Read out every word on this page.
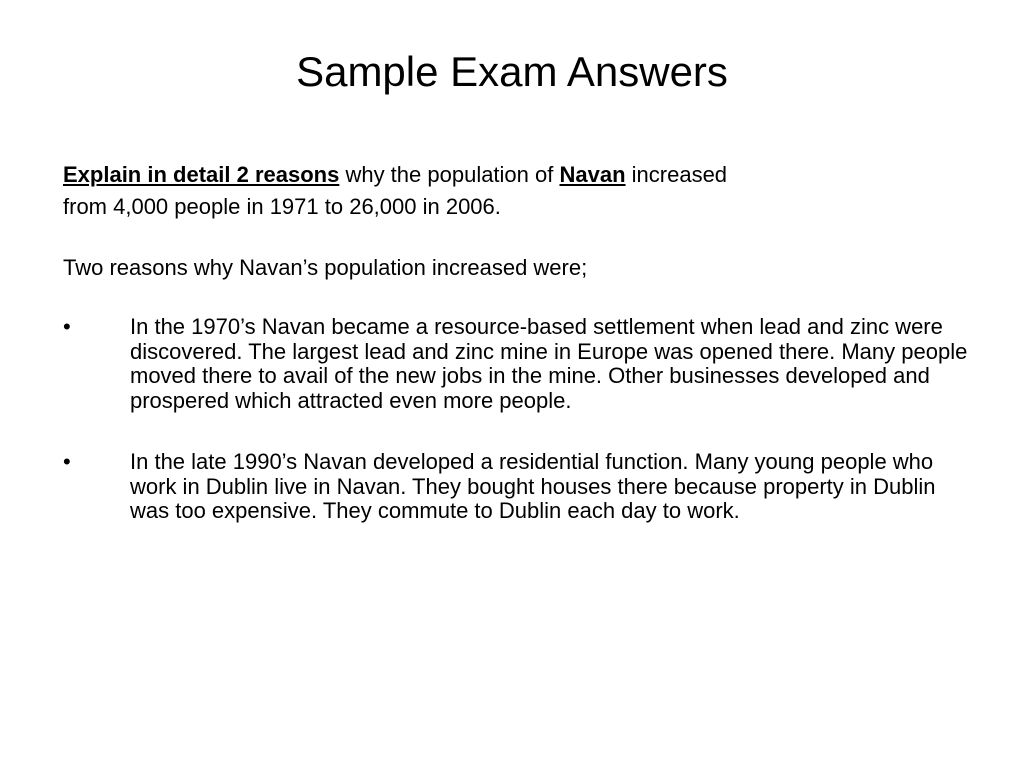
Sample Exam Answers

Explain in detail 2 reasons why the population of Navan increased
from 4,000 people in 1971 to 26,000 in 2006.

Two reasons why Navan’s population increased were;

•	In the 1970’s Navan became a resource-based settlement when lead and zinc were discovered. The largest lead and zinc mine in Europe was opened there. Many people moved there to avail of the new jobs in the mine. Other businesses developed and prospered which attracted even more people.
•	In the late 1990’s Navan developed a residential function. Many young people who work in Dublin live in Navan. They bought houses there because property in Dublin was too expensive. They commute to Dublin each day to work.
